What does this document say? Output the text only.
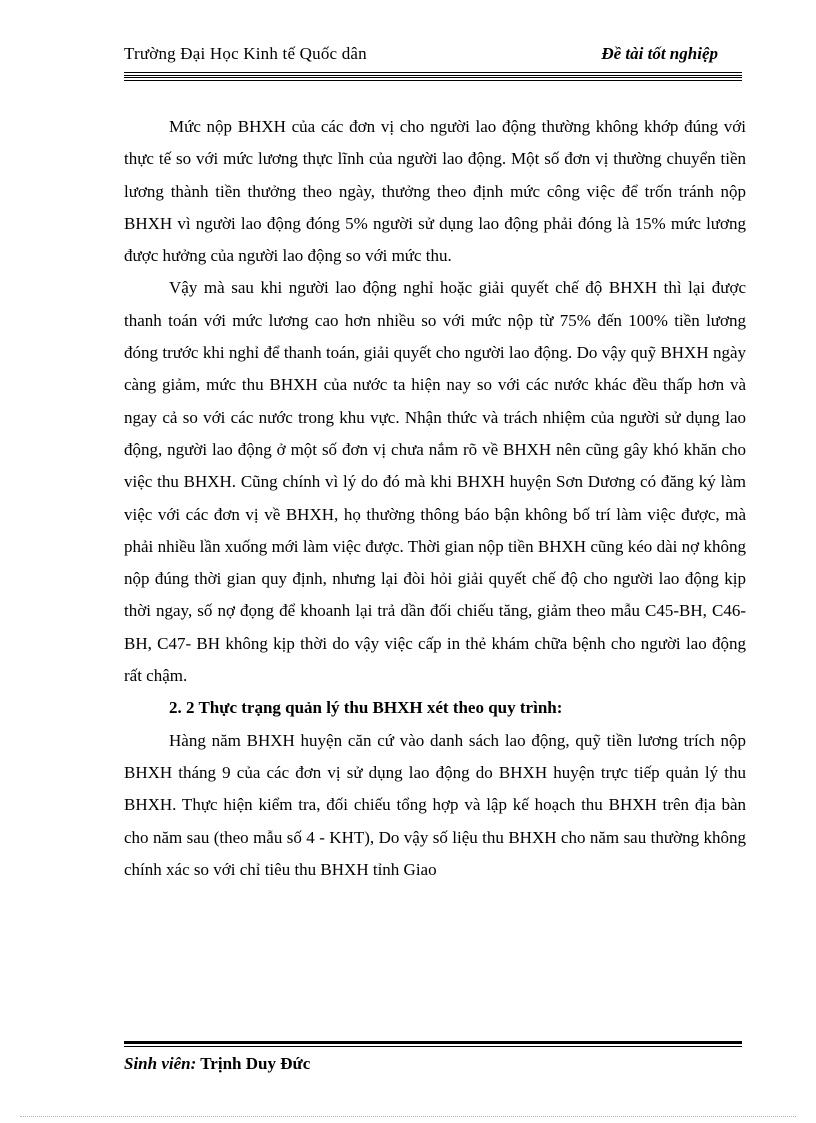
Trường Đại Học Kinh tế Quốc dân	Đề tài tốt nghiệp

Mức nộp BHXH của các đơn vị cho người lao động thường không khớp đúng với thực tế so với mức lương thực lĩnh của người lao động. Một số đơn vị thường chuyển tiền lương thành tiền thưởng theo ngày, thưởng theo định mức công việc để trốn tránh nộp BHXH vì người lao động đóng 5% người sử dụng lao động phải đóng là 15% mức lương được hưởng của người lao động so với mức thu.

Vậy mà sau khi người lao động nghỉ hoặc giải quyết chế độ BHXH thì lại được thanh toán với mức lương cao hơn nhiều so với mức nộp từ 75% đến 100% tiền lương đóng trước khi nghỉ để thanh toán, giải quyết cho người lao động. Do vậy quỹ BHXH ngày càng giảm, mức thu BHXH của nước ta hiện nay so với các nước khác đều thấp hơn và ngay cả so với các nước trong khu vực. Nhận thức và trách nhiệm của người sử dụng lao động, người lao động ở một số đơn vị chưa nắm rõ về BHXH nên cũng gây khó khăn cho việc thu BHXH. Cũng chính vì lý do đó mà khi BHXH huyện Sơn Dương có đăng ký làm việc với các đơn vị về BHXH, họ thường thông báo bận không bố trí làm việc được, mà phải nhiều lần xuống mới làm việc được. Thời gian nộp tiền BHXH cũng kéo dài nợ không nộp đúng thời gian quy định, nhưng lại đòi hỏi giải quyết chế độ cho người lao động kịp thời ngay, số nợ đọng để khoanh lại trả dần đối chiếu tăng, giảm theo mẫu C45-BH, C46- BH, C47- BH không kịp thời do vậy việc cấp in thẻ khám chữa bệnh cho người lao động rất chậm.

2. 2 Thực trạng quản lý thu BHXH xét theo quy trình:

Hàng năm BHXH huyện căn cứ vào danh sách lao động, quỹ tiền lương trích nộp BHXH tháng 9 của các đơn vị sử dụng lao động do BHXH huyện trực tiếp quản lý thu BHXH. Thực hiện kiểm tra, đối chiếu tổng hợp và lập kế hoạch thu BHXH trên địa bàn cho năm sau (theo mẫu số 4 - KHT), Do vậy số liệu thu BHXH cho năm sau thường không chính xác so với chỉ tiêu thu BHXH tỉnh Giao

Sinh viên: Trịnh Duy Đức
